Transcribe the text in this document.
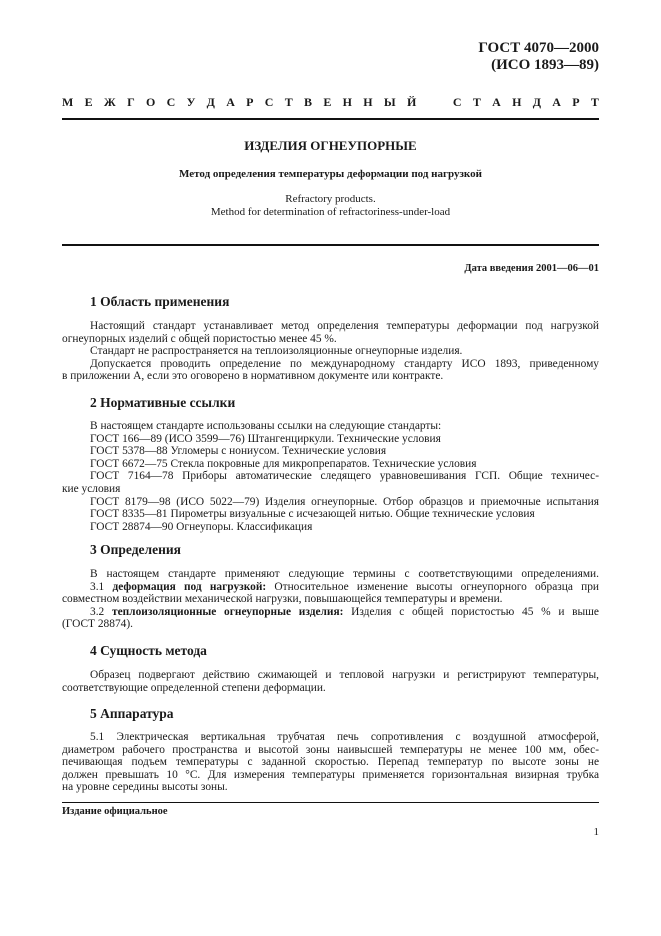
ГОСТ 4070—2000
(ИСО 1893—89)
М Е Ж Г О С У Д А Р С Т В Е Н Н Ы Й	С Т А Н Д А Р Т
ИЗДЕЛИЯ ОГНЕУПОРНЫЕ
Метод определения температуры деформации под нагрузкой
Refractory products.
Method for determination of refractoriness-under-load
Дата введения 2001—06—01
1 Область применения
Настоящий стандарт устанавливает метод определения температуры деформации под нагрузкой
огнеупорных изделий с общей пористостью менее 45 %.
Стандарт не распространяется на теплоизоляционные огнеупорные изделия.
Допускается проводить определение по международному стандарту ИСО 1893, приведенному
в приложении А, если это оговорено в нормативном документе или контракте.
2 Нормативные ссылки
В настоящем стандарте использованы ссылки на следующие стандарты:
ГОСТ 166—89 (ИСО 3599—76) Штангенциркули. Технические условия
ГОСТ 5378—88 Угломеры с нониусом. Технические условия
ГОСТ 6672—75 Стекла покровные для микропрепаратов. Технические условия
ГОСТ 7164—78 Приборы автоматические следящего уравновешивания ГСП. Общие техничес-
кие условия
ГОСТ 8179—98 (ИСО 5022—79) Изделия огнеупорные. Отбор образцов и приемочные испытания
ГОСТ 8335—81 Пирометры визуальные с исчезающей нитью. Общие технические условия
ГОСТ 28874—90 Огнеупоры. Классификация
3 Определения
В настоящем стандарте применяют следующие термины с соответствующими определениями.
3.1 деформация под нагрузкой: Относительное изменение высоты огнеупорного образца при
совместном воздействии механической нагрузки, повышающейся температуры и времени.
3.2 теплоизоляционные огнеупорные изделия: Изделия с общей пористостью 45 % и выше
(ГОСТ 28874).
4 Сущность метода
Образец подвергают действию сжимающей и тепловой нагрузки и регистрируют температуры,
соответствующие определенной степени деформации.
5 Аппаратура
5.1 Электрическая вертикальная трубчатая печь сопротивления с воздушной атмосферой,
диаметром рабочего пространства и высотой зоны наивысшей температуры не менее 100 мм, обес-
печивающая подъем температуры с заданной скоростью. Перепад температур по высоте зоны не
должен превышать 10 °С. Для измерения температуры применяется горизонтальная визирная трубка
на уровне середины высоты зоны.
Издание официальное
1
